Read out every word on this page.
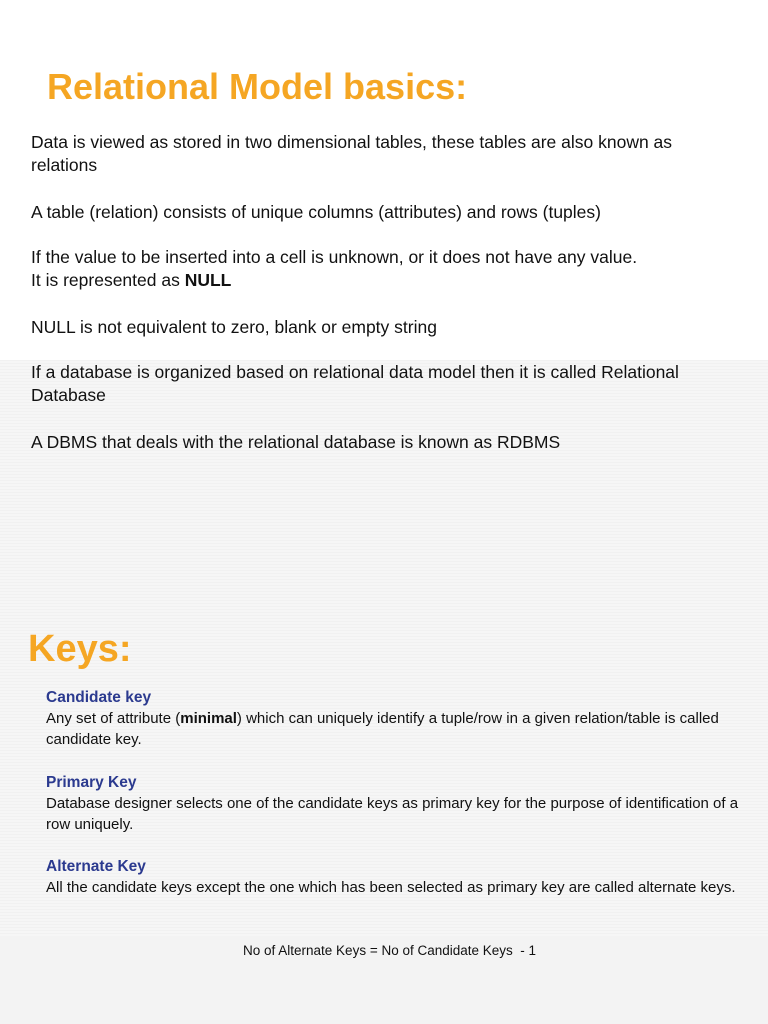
Relational Model basics:

Data is viewed as stored in two dimensional tables, these tables are also known as relations

A table (relation) consists of unique columns (attributes) and rows (tuples)

If the value to be inserted into a cell is unknown, or it does not have any value.
It is represented as NULL

NULL is not equivalent to zero, blank or empty string

If a database is organized based on relational data model then it is called Relational Database

A DBMS that deals with the relational database is known as RDBMS

Keys:
Candidate key
Any set of attribute (minimal) which can uniquely identify a tuple/row in a given relation/table is called candidate key.
Primary Key
Database designer selects one of the candidate keys as primary key for the purpose of identification of a row uniquely.
Alternate Key
All the candidate keys except the one which has been selected as primary key are called alternate keys.
No of Alternate Keys = No of Candidate Keys  - 1
